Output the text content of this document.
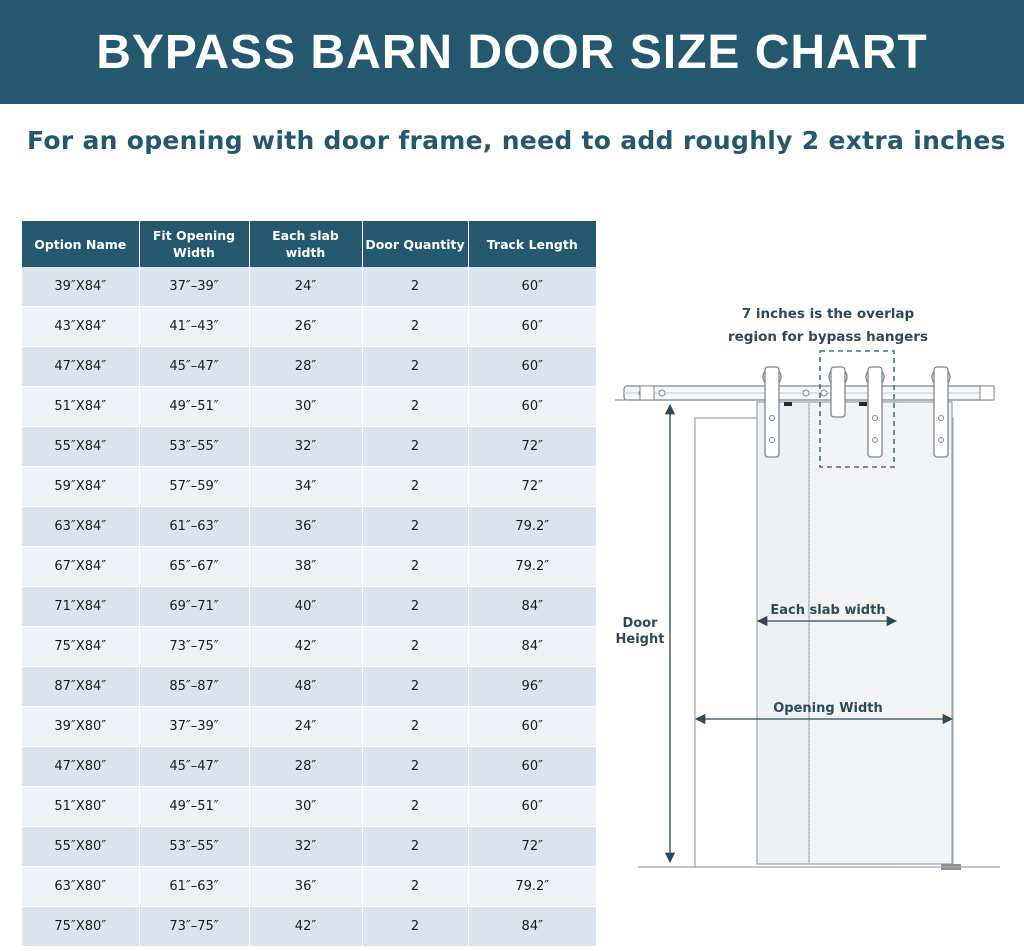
BYPASS BARN DOOR SIZE CHART
For an opening with door frame, need to add roughly 2 extra inches
Option Name	Fit Opening Width	Each slab width	Door Quantity	Track Length
39″X84″	37″–39″	24″	2	60″
43″X84″	41″–43″	26″	2	60″
47″X84″	45″–47″	28″	2	60″
51″X84″	49″–51″	30″	2	60″
55″X84″	53″–55″	32″	2	72″
59″X84″	57″–59″	34″	2	72″
63″X84″	61″–63″	36″	2	79.2″
67″X84″	65″–67″	38″	2	79.2″
71″X84″	69″–71″	40″	2	84″
75″X84″	73″–75″	42″	2	84″
87″X84″	85″–87″	48″	2	96″
39″X80″	37″–39″	24″	2	60″
47″X80″	45″–47″	28″	2	60″
51″X80″	49″–51″	30″	2	60″
55″X80″	53″–55″	32″	2	72″
63″X80″	61″–63″	36″	2	79.2″
75″X80″	73″–75″	42″	2	84″
7 inches is the overlap
region for bypass hangers
Door
Height
Each slab width
Opening Width
